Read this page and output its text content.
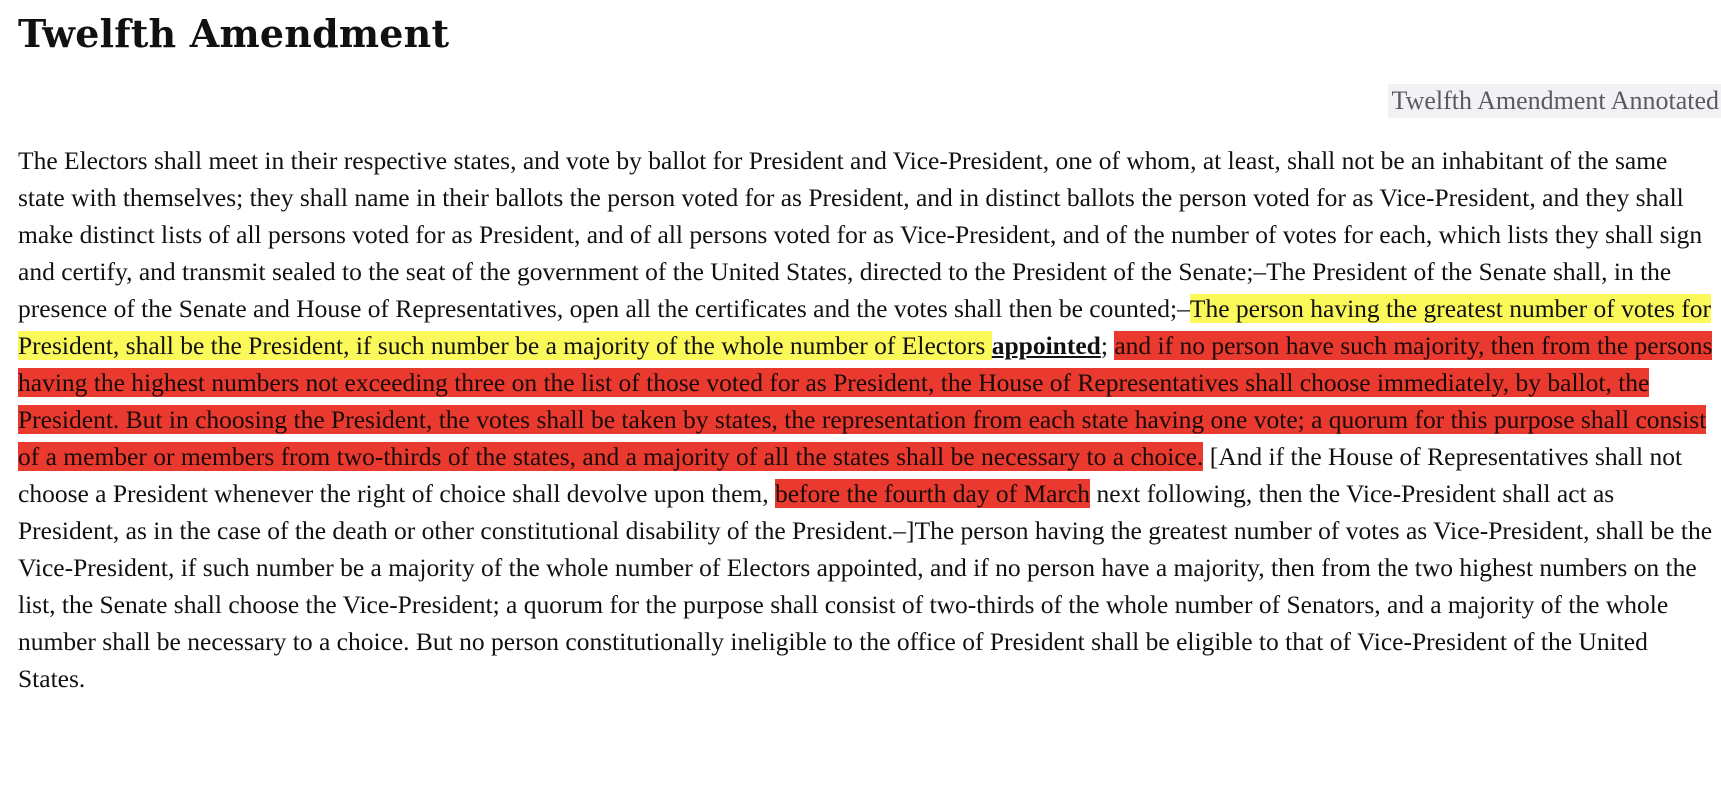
Twelfth Amendment
Twelfth Amendment Annotated

The Electors shall meet in their respective states, and vote by ballot for President and Vice-President, one of whom, at least, shall not be an inhabitant of the same state with themselves; they shall name in their ballots the person voted for as President, and in distinct ballots the person voted for as Vice-President, and they shall make distinct lists of all persons voted for as President, and of all persons voted for as Vice-President, and of the number of votes for each, which lists they shall sign and certify, and transmit sealed to the seat of the government of the United States, directed to the President of the Senate;–The President of the Senate shall, in the presence of the Senate and House of Representatives, open all the certificates and the votes shall then be counted;–The person having the greatest number of votes for President, shall be the President, if such number be a majority of the whole number of Electors appointed; and if no person have such majority, then from the persons having the highest numbers not exceeding three on the list of those voted for as President, the House of Representatives shall choose immediately, by ballot, the President. But in choosing the President, the votes shall be taken by states, the representation from each state having one vote; a quorum for this purpose shall consist of a member or members from two-thirds of the states, and a majority of all the states shall be necessary to a choice. [And if the House of Representatives shall not choose a President whenever the right of choice shall devolve upon them, before the fourth day of March next following, then the Vice-President shall act as President, as in the case of the death or other constitutional disability of the President.–]The person having the greatest number of votes as Vice-President, shall be the Vice-President, if such number be a majority of the whole number of Electors appointed, and if no person have a majority, then from the two highest numbers on the list, the Senate shall choose the Vice-President; a quorum for the purpose shall consist of two-thirds of the whole number of Senators, and a majority of the whole number shall be necessary to a choice. But no person constitutionally ineligible to the office of President shall be eligible to that of Vice-President of the United States.
